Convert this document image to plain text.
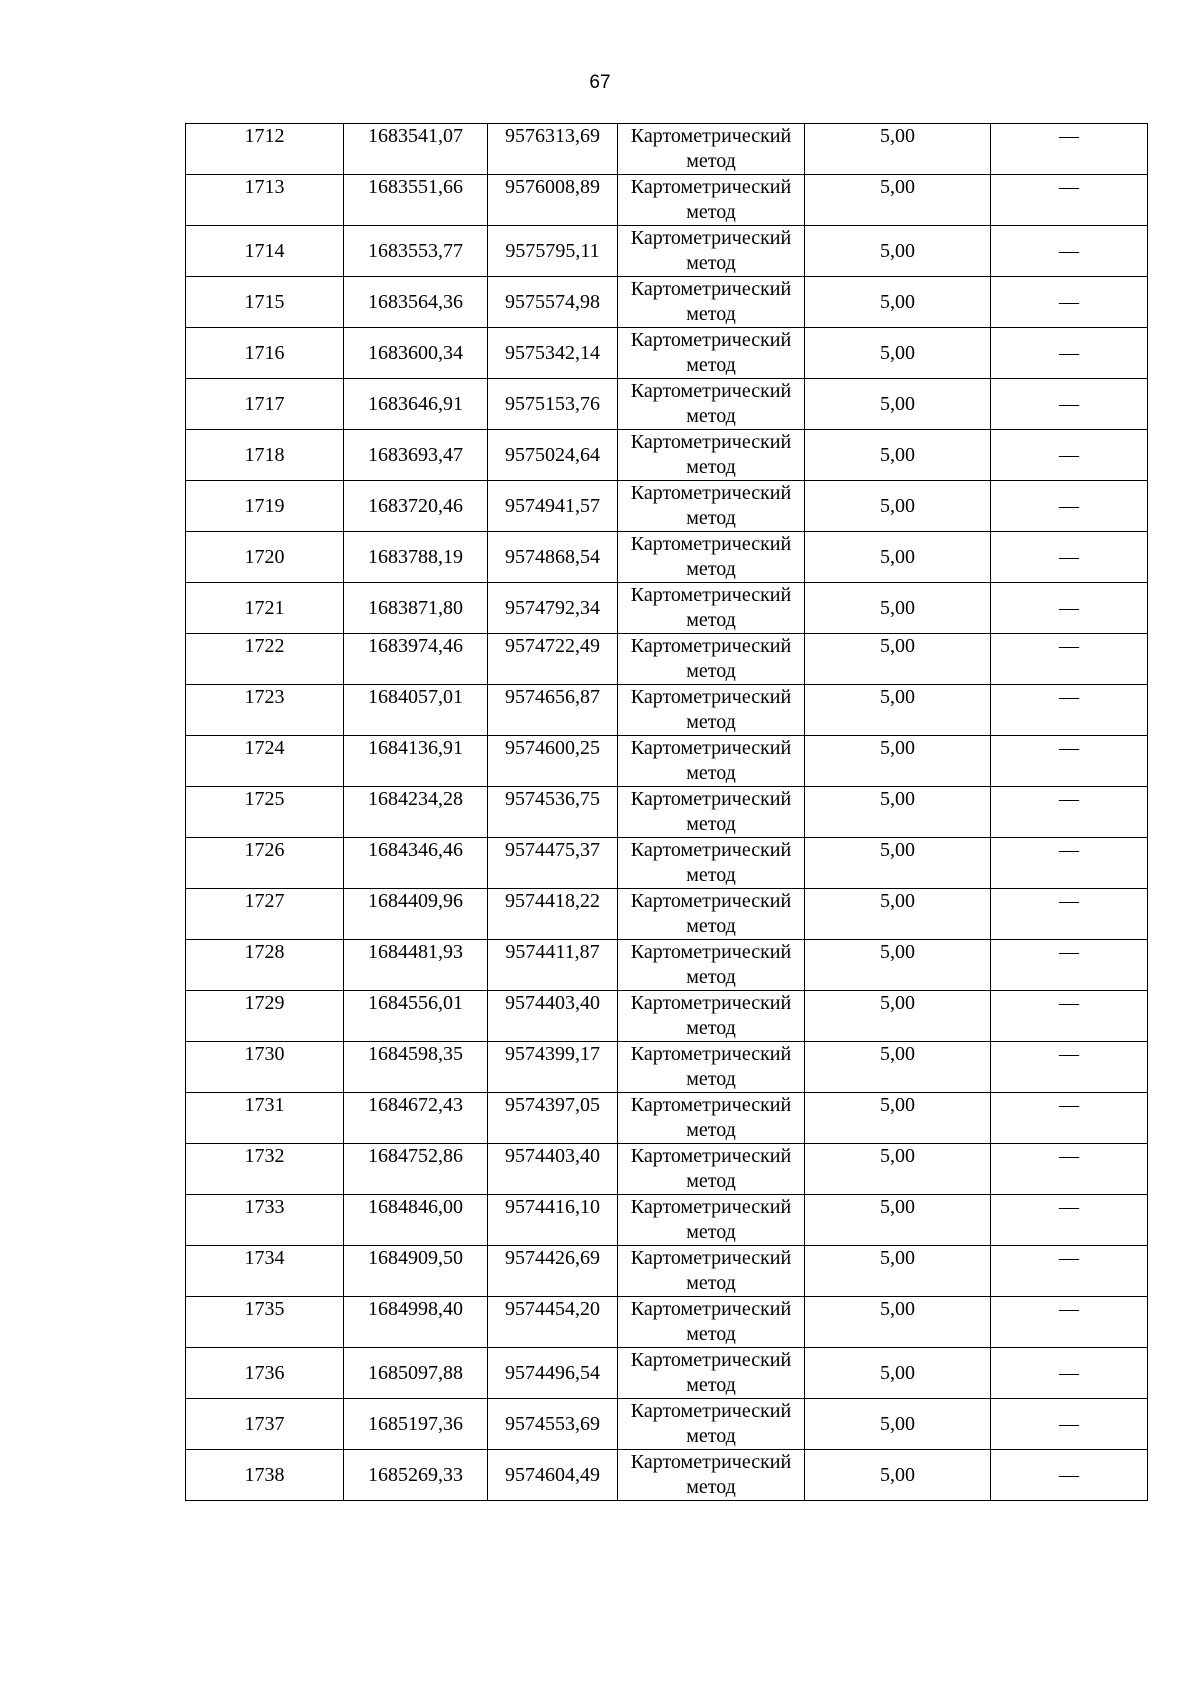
67
1712	1683541,07	9576313,69	Картометрический метод	5,00	—
1713	1683551,66	9576008,89	Картометрический метод	5,00	—
1714	1683553,77	9575795,11	Картометрический метод	5,00	—
1715	1683564,36	9575574,98	Картометрический метод	5,00	—
1716	1683600,34	9575342,14	Картометрический метод	5,00	—
1717	1683646,91	9575153,76	Картометрический метод	5,00	—
1718	1683693,47	9575024,64	Картометрический метод	5,00	—
1719	1683720,46	9574941,57	Картометрический метод	5,00	—
1720	1683788,19	9574868,54	Картометрический метод	5,00	—
1721	1683871,80	9574792,34	Картометрический метод	5,00	—
1722	1683974,46	9574722,49	Картометрический метод	5,00	—
1723	1684057,01	9574656,87	Картометрический метод	5,00	—
1724	1684136,91	9574600,25	Картометрический метод	5,00	—
1725	1684234,28	9574536,75	Картометрический метод	5,00	—
1726	1684346,46	9574475,37	Картометрический метод	5,00	—
1727	1684409,96	9574418,22	Картометрический метод	5,00	—
1728	1684481,93	9574411,87	Картометрический метод	5,00	—
1729	1684556,01	9574403,40	Картометрический метод	5,00	—
1730	1684598,35	9574399,17	Картометрический метод	5,00	—
1731	1684672,43	9574397,05	Картометрический метод	5,00	—
1732	1684752,86	9574403,40	Картометрический метод	5,00	—
1733	1684846,00	9574416,10	Картометрический метод	5,00	—
1734	1684909,50	9574426,69	Картометрический метод	5,00	—
1735	1684998,40	9574454,20	Картометрический метод	5,00	—
1736	1685097,88	9574496,54	Картометрический метод	5,00	—
1737	1685197,36	9574553,69	Картометрический метод	5,00	—
1738	1685269,33	9574604,49	Картометрический метод	5,00	—
